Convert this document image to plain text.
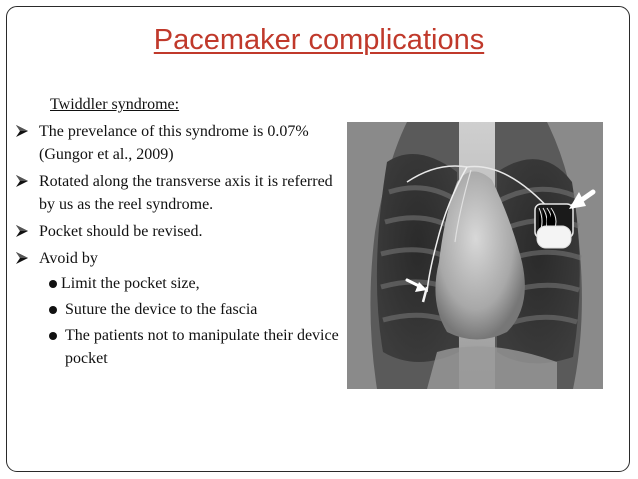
Pacemaker complications
Twiddler syndrome:
The prevelance of this syndrome is 0.07% (Gungor et al., 2009)
Rotated along the transverse axis it is referred by us as the reel syndrome.
Pocket should be revised.
Avoid by
Limit the pocket size,
Suture the device to the fascia
The patients not to manipulate their device pocket
